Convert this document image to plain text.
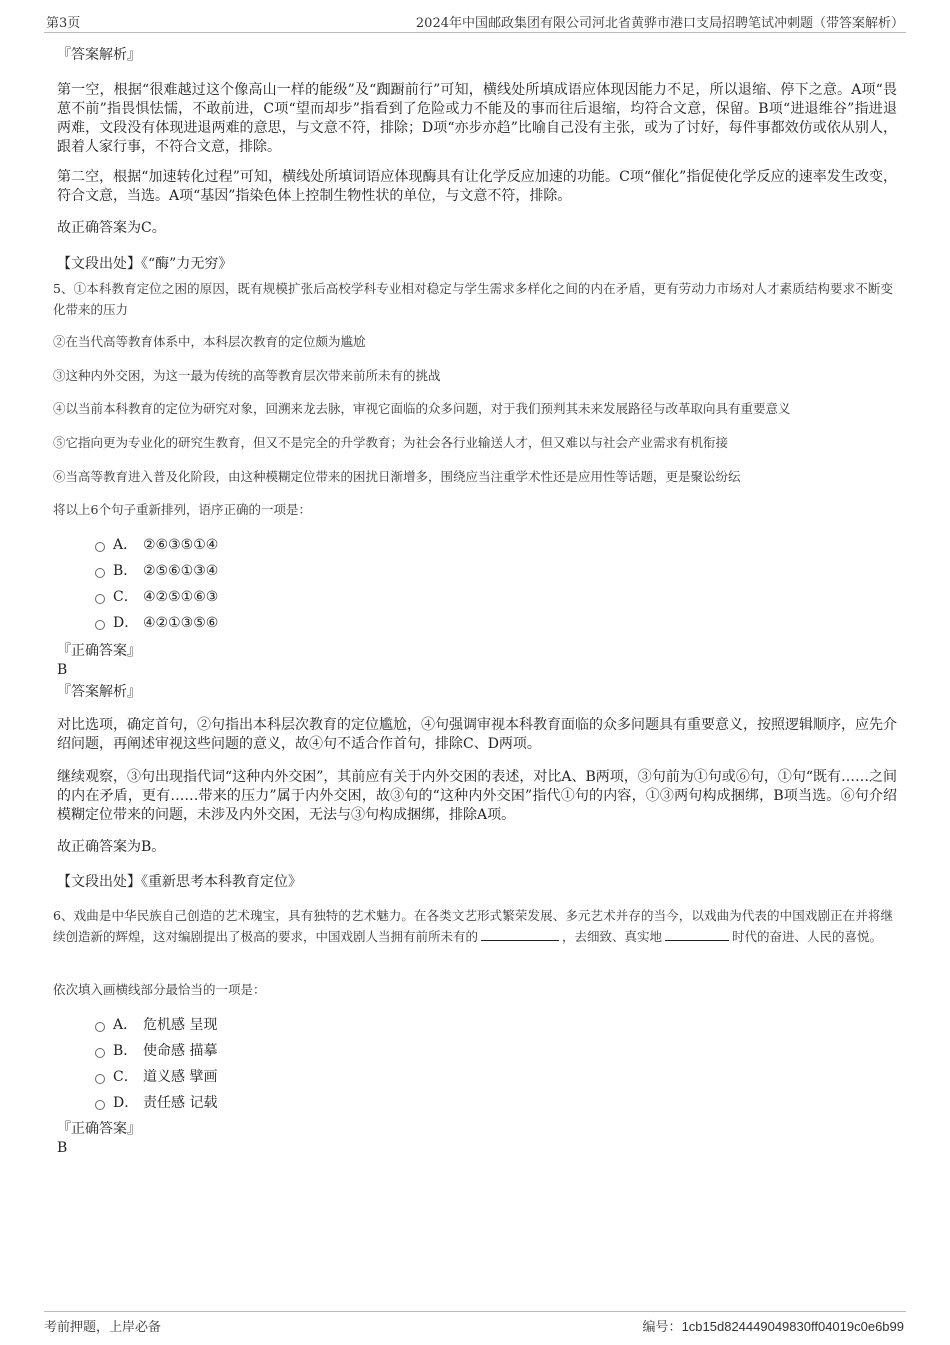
第3页	2024年中国邮政集团有限公司河北省黄骅市港口支局招聘笔试冲刺题（带答案解析）
『答案解析』
第一空，根据“很难越过这个像高山一样的能级”及“踟蹰前行”可知，横线处所填成语应体现因能力不足，所以退缩、停下之意。A项“畏葸不前”指畏惧怯懦，不敢前进，C项“望而却步”指看到了危险或力不能及的事而往后退缩，均符合文意，保留。B项“进退维谷”指进退两难，文段没有体现进退两难的意思，与文意不符，排除；D项“亦步亦趋”比喻自己没有主张，或为了讨好，每件事都效仿或依从别人，跟着人家行事，不符合文意，排除。
第二空，根据“加速转化过程”可知，横线处所填词语应体现酶具有让化学反应加速的功能。C项“催化”指促使化学反应的速率发生改变，符合文意，当选。A项“基因”指染色体上控制生物性状的单位，与文意不符，排除。
故正确答案为C。
【文段出处】《“酶”力无穷》
5、①本科教育定位之困的原因，既有规模扩张后高校学科专业相对稳定与学生需求多样化之间的内在矛盾，更有劳动力市场对人才素质结构要求不断变化带来的压力
②在当代高等教育体系中，本科层次教育的定位颇为尴尬
③这种内外交困，为这一最为传统的高等教育层次带来前所未有的挑战
④以当前本科教育的定位为研究对象，回溯来龙去脉，审视它面临的众多问题，对于我们预判其未来发展路径与改革取向具有重要意义
⑤它指向更为专业化的研究生教育，但又不是完全的升学教育；为社会各行业输送人才，但又难以与社会产业需求有机衔接
⑥当高等教育进入普及化阶段，由这种模糊定位带来的困扰日渐增多，围绕应当注重学术性还是应用性等话题，更是聚讼纷纭
将以上6个句子重新排列，语序正确的一项是：
A． ②⑥③⑤①④
B． ②⑤⑥①③④
C． ④②⑤①⑥③
D． ④②①③⑤⑥
『正确答案』
B
『答案解析』
对比选项，确定首句，②句指出本科层次教育的定位尴尬，④句强调审视本科教育面临的众多问题具有重要意义，按照逻辑顺序，应先介绍问题，再阐述审视这些问题的意义，故④句不适合作首句，排除C、D两项。
继续观察，③句出现指代词“这种内外交困”，其前应有关于内外交困的表述，对比A、B两项，③句前为①句或⑥句，①句“既有……之间的内在矛盾，更有……带来的压力”属于内外交困，故③句的“这种内外交困”指代①句的内容，①③两句构成捆绑，B项当选。⑥句介绍模糊定位带来的问题，未涉及内外交困，无法与③句构成捆绑，排除A项。
故正确答案为B。
【文段出处】《重新思考本科教育定位》
6、戏曲是中华民族自己创造的艺术瑰宝，具有独特的艺术魅力。在各类文艺形式繁荣发展、多元艺术并存的当今，以戏曲为代表的中国戏剧正在并将继续创造新的辉煌，这对编剧提出了极高的要求，中国戏剧人当拥有前所未有的	，去细致、真实地	时代的奋进、人民的喜悦。
依次填入画横线部分最恰当的一项是：
A． 危机感 呈现
B． 使命感 描摹
C． 道义感 擘画
D． 责任感 记载
『正确答案』
B
考前押题，上岸必备	编号：1cb15d824449049830ff04019c0e6b99
